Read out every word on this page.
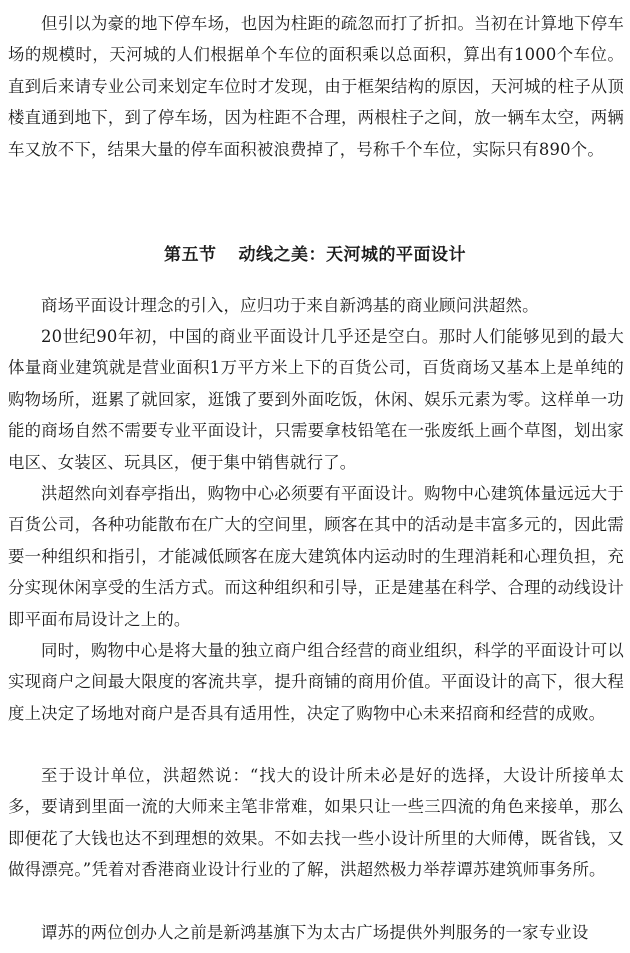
但引以为豪的地下停车场，也因为柱距的疏忽而打了折扣。当初在计算地下停车场的规模时，天河城的人们根据单个车位的面积乘以总面积，算出有1000个车位。直到后来请专业公司来划定车位时才发现，由于框架结构的原因，天河城的柱子从顶楼直通到地下，到了停车场，因为柱距不合理，两根柱子之间，放一辆车太空，两辆车又放不下，结果大量的停车面积被浪费掉了，号称千个车位，实际只有890个。

第五节 动线之美：天河城的平面设计

商场平面设计理念的引入，应归功于来自新鸿基的商业顾问洪超然。

20世纪90年初，中国的商业平面设计几乎还是空白。那时人们能够见到的最大体量商业建筑就是营业面积1万平方米上下的百货公司，百货商场又基本上是单纯的购物场所，逛累了就回家，逛饿了要到外面吃饭，休闲、娱乐元素为零。这样单一功能的商场自然不需要专业平面设计，只需要拿枝铅笔在一张废纸上画个草图，划出家电区、女装区、玩具区，便于集中销售就行了。

洪超然向刘春亭指出，购物中心必须要有平面设计。购物中心建筑体量远远大于百货公司，各种功能散布在广大的空间里，顾客在其中的活动是丰富多元的，因此需要一种组织和指引，才能减低顾客在庞大建筑体内运动时的生理消耗和心理负担，充分实现休闲享受的生活方式。而这种组织和引导，正是建基在科学、合理的动线设计即平面布局设计之上的。

同时，购物中心是将大量的独立商户组合经营的商业组织，科学的平面设计可以实现商户之间最大限度的客流共享，提升商铺的商用价值。平面设计的高下，很大程度上决定了场地对商户是否具有适用性，决定了购物中心未来招商和经营的成败。

至于设计单位，洪超然说：“找大的设计所未必是好的选择，大设计所接单太多，要请到里面一流的大师来主笔非常难，如果只让一些三四流的角色来接单，那么即便花了大钱也达不到理想的效果。不如去找一些小设计所里的大师傅，既省钱，又做得漂亮。”凭着对香港商业设计行业的了解，洪超然极力举荐谭苏建筑师事务所。

谭苏的两位创办人之前是新鸿基旗下为太古广场提供外判服务的一家专业设
